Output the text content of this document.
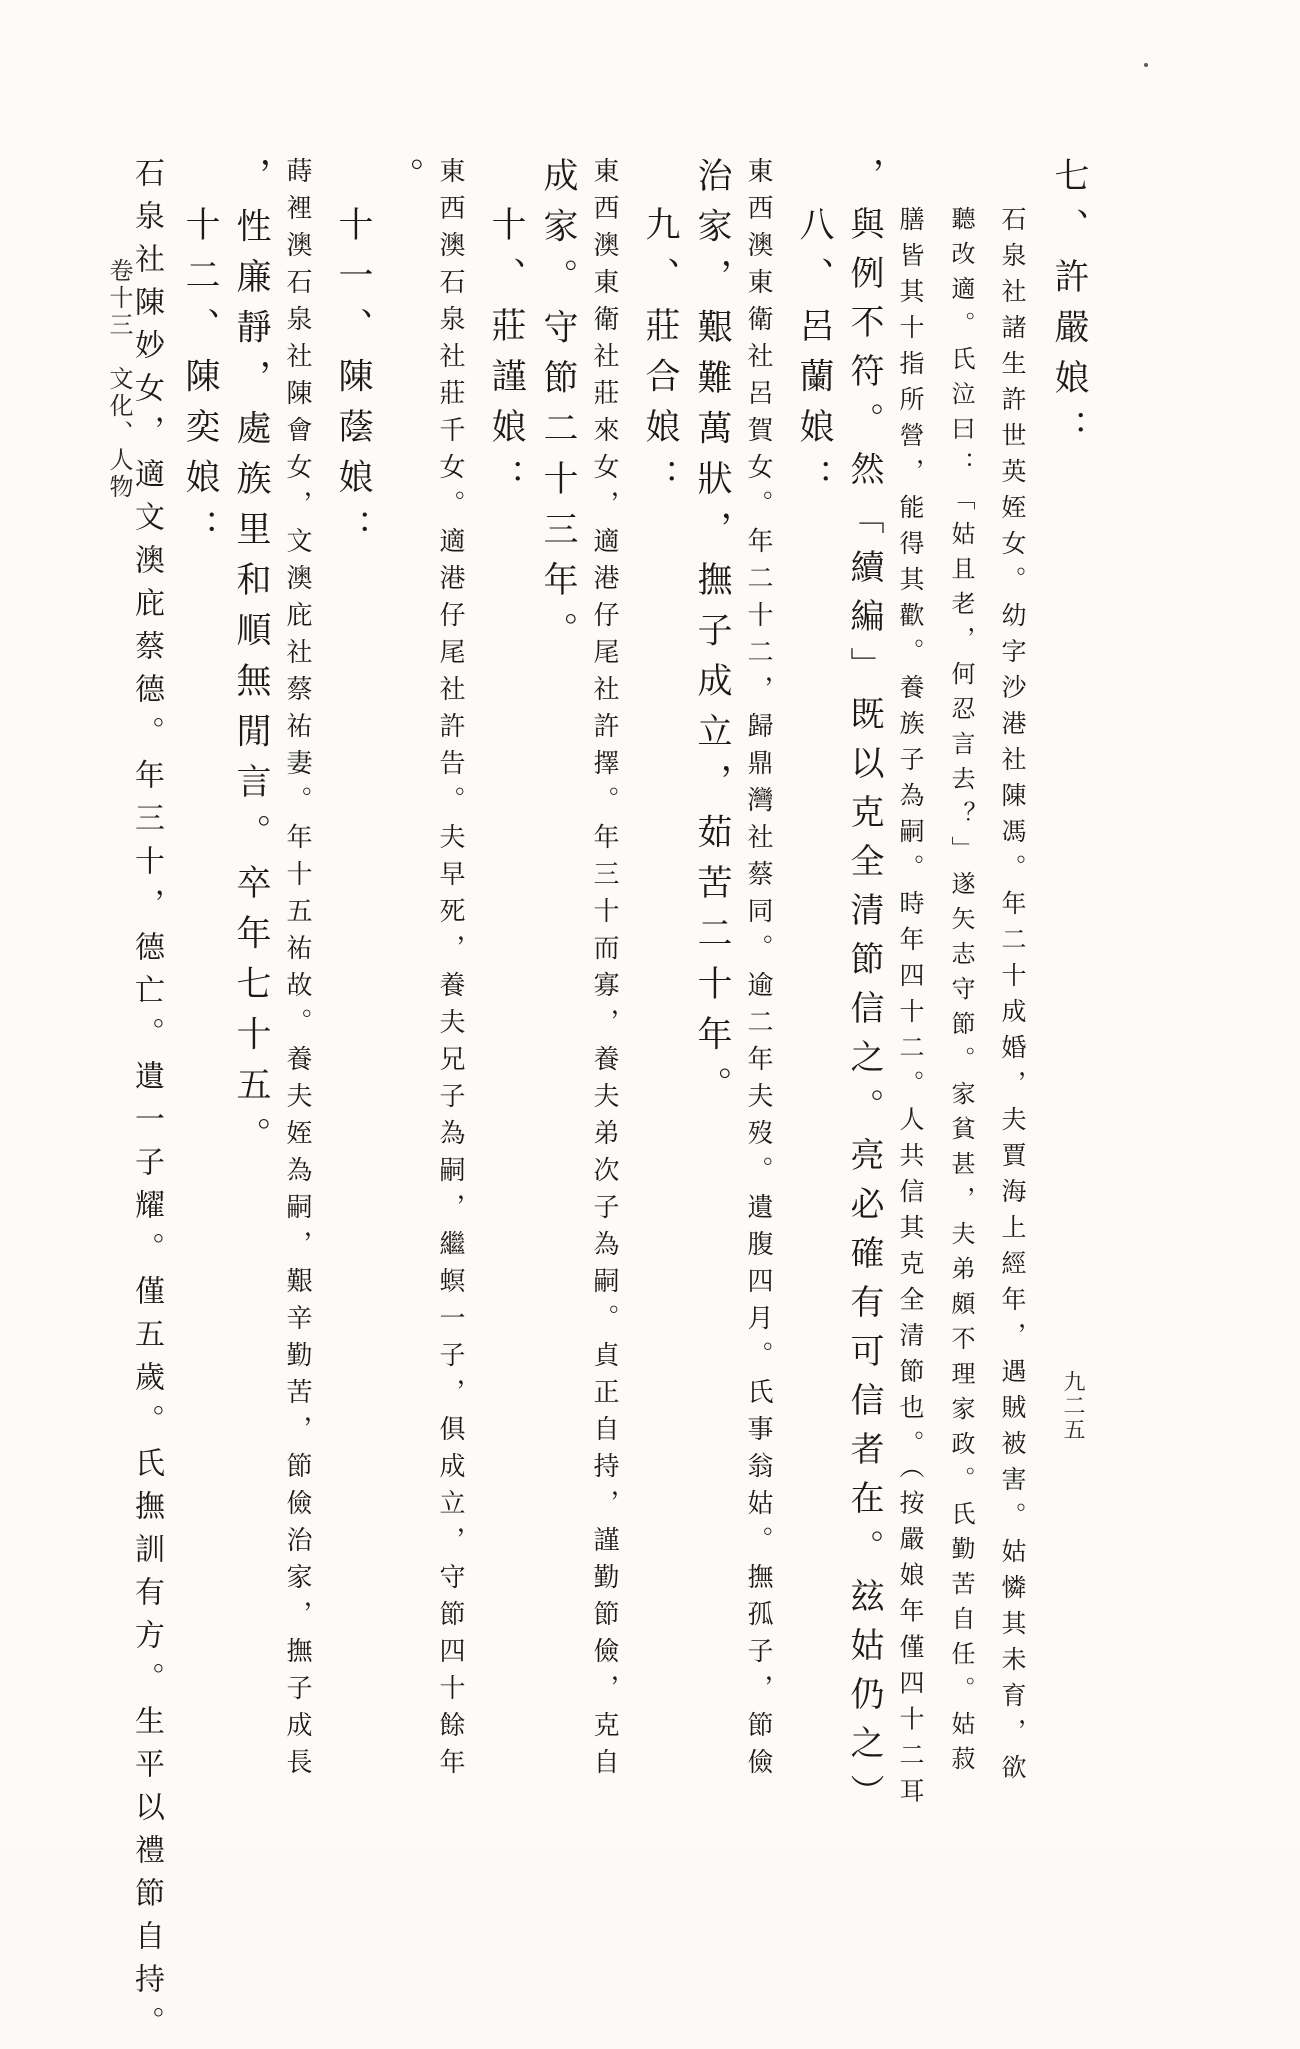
七、許嚴娘：
石泉社諸生許世英姪女。幼字沙港社陳馮。年二十成婚，夫賈海上經年，遇賊被害。姑憐其未育，欲
聽改適。氏泣曰：「姑且老，何忍言去？」遂矢志守節。家貧甚，夫弟頗不理家政。氏勤苦自任。姑菽
膳皆其十指所營，能得其歡。養族子為嗣。時年四十二。人共信其克全清節也。（按嚴娘年僅四十二耳
，與例不符。然「續編」既以克全清節信之。亮必確有可信者在。玆姑仍之）
八、呂蘭娘：
東西澳東衛社呂賀女。年二十二，歸鼎灣社蔡同。逾二年夫歿。遺腹四月。氏事翁姑。撫孤子，節儉
治家，艱難萬狀，撫子成立，茹苦二十年。
九、莊合娘：
東西澳東衛社莊來女，適港仔尾社許擇。年三十而寡，養夫弟次子為嗣。貞正自持，謹勤節儉，克自
成家。守節二十三年。
十、莊謹娘：
東西澳石泉社莊千女。適港仔尾社許告。夫早死，養夫兄子為嗣，繼螟一子，俱成立，守節四十餘年
。
十一、陳蔭娘：
蒔裡澳石泉社陳會女，文澳庇社蔡祐妻。年十五祐故。養夫姪為嗣，艱辛勤苦，節儉治家，撫子成長
，性廉靜，處族里和順無閒言。卒年七十五。
十二、陳奕娘：
石泉社陳妙女，適文澳庇蔡德。年三十，德亡。遺一子耀。僅五歲。氏撫訓有方。生平以禮節自持。
卷十三　文化、人物
九二五
